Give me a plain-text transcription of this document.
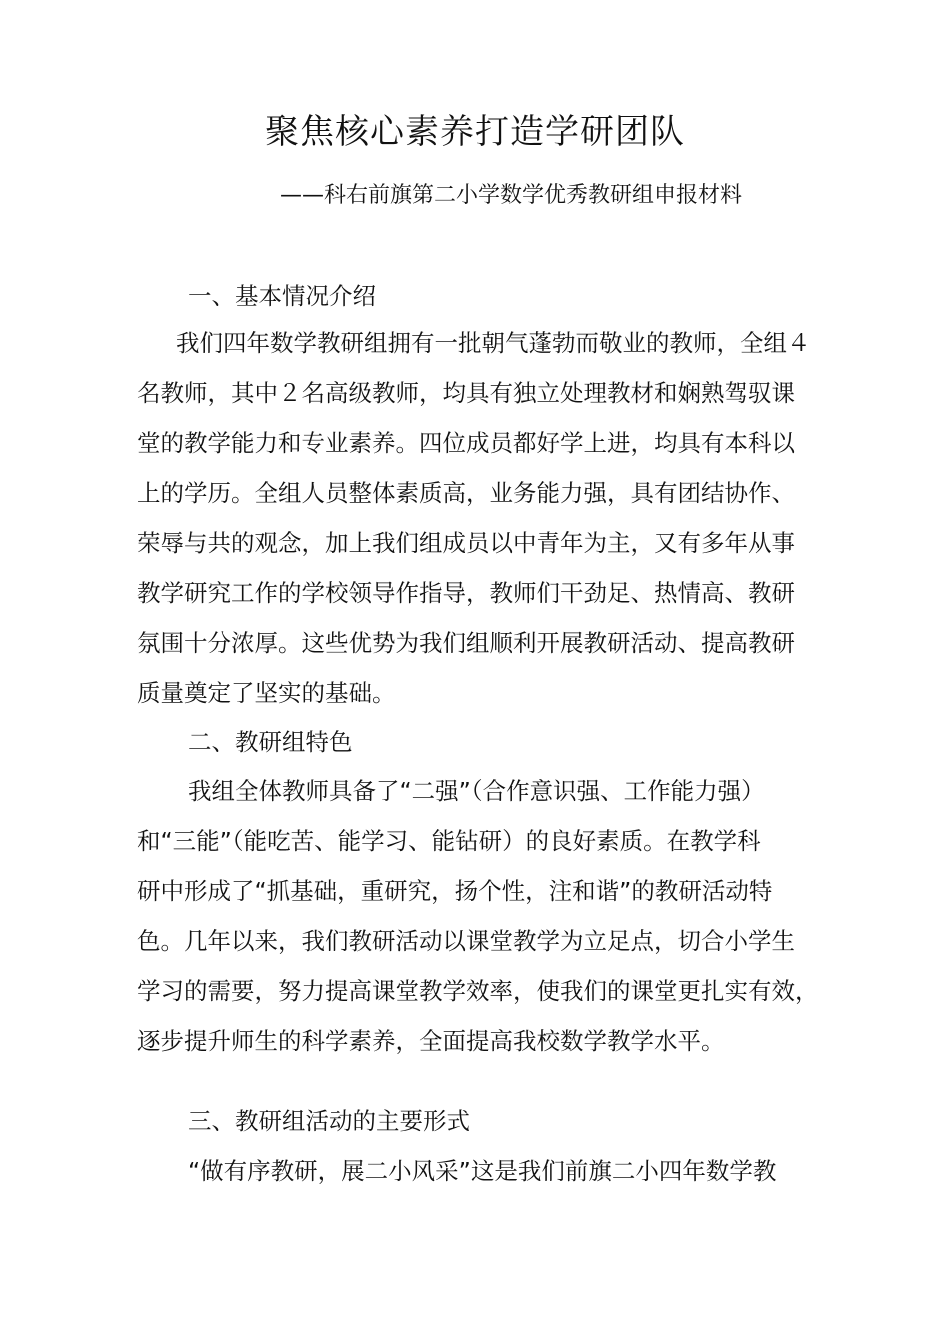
聚焦核心素养打造学研团队
——科右前旗第二小学数学优秀教研组申报材料
一、基本情况介绍
我们四年数学教研组拥有一批朝气蓬勃而敬业的教师，全组４
名教师，其中２名高级教师，均具有独立处理教材和娴熟驾驭课
堂的教学能力和专业素养。四位成员都好学上进，均具有本科以
上的学历。全组人员整体素质高，业务能力强，具有团结协作、
荣辱与共的观念，加上我们组成员以中青年为主，又有多年从事
教学研究工作的学校领导作指导，教师们干劲足、热情高、教研
氛围十分浓厚。这些优势为我们组顺利开展教研活动、提高教研
质量奠定了坚实的基础。
二、教研组特色
我组全体教师具备了“二强”（合作意识强、工作能力强）
和“三能”（能吃苦、能学习、能钻研）的良好素质。在教学科
研中形成了“抓基础，重研究，扬个性，注和谐”的教研活动特
色。几年以来，我们教研活动以课堂教学为立足点，切合小学生
学习的需要，努力提高课堂教学效率，使我们的课堂更扎实有效，
逐步提升师生的科学素养，全面提高我校数学教学水平。
三、教研组活动的主要形式
“做有序教研，展二小风采”这是我们前旗二小四年数学教
